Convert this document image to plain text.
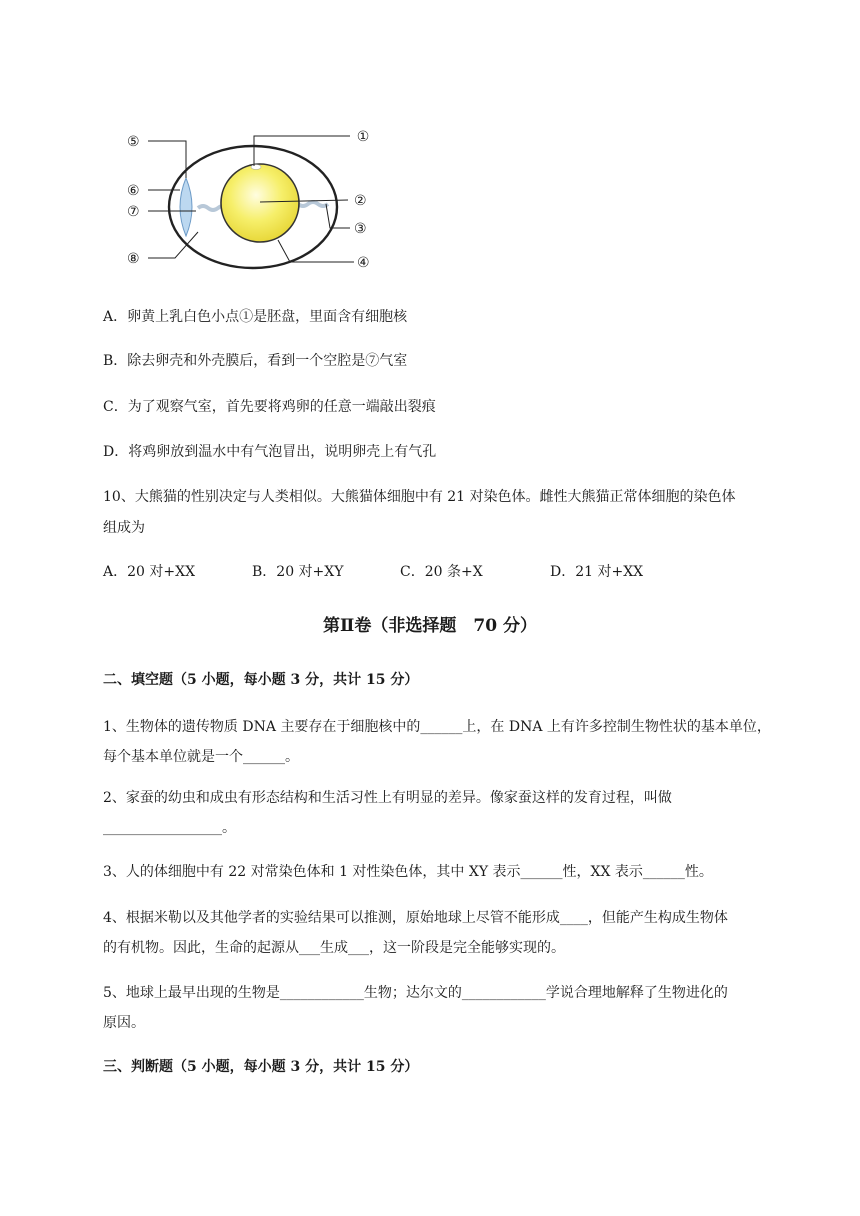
①
②
③
④
⑤
⑥
⑦
⑧
A．卵黄上乳白色小点①是胚盘，里面含有细胞核
B．除去卵壳和外壳膜后，看到一个空腔是⑦气室
C．为了观察气室，首先要将鸡卵的任意一端敲出裂痕
D．将鸡卵放到温水中有气泡冒出，说明卵壳上有气孔
10、大熊猫的性别决定与人类相似。大熊猫体细胞中有 21 对染色体。雌性大熊猫正常体细胞的染色体
组成为
A．20 对+XX	B．20 对+XY	C．20 条+X	D．21 对+XX
第Ⅱ卷（非选择题　70 分）
二、填空题（5 小题，每小题 3 分，共计 15 分）
1、生物体的遗传物质 DNA 主要存在于细胞核中的______上，在 DNA 上有许多控制生物性状的基本单位，
每个基本单位就是一个______。
2、家蚕的幼虫和成虫有形态结构和生活习性上有明显的差异。像家蚕这样的发育过程，叫做
_________________。
3、人的体细胞中有 22 对常染色体和 1 对性染色体，其中 XY 表示______性，XX 表示______性。
4、根据米勒以及其他学者的实验结果可以推测，原始地球上尽管不能形成____，但能产生构成生物体
的有机物。因此，生命的起源从___生成___，这一阶段是完全能够实现的。
5、地球上最早出现的生物是____________生物；达尔文的____________学说合理地解释了生物进化的
原因。
三、判断题（5 小题，每小题 3 分，共计 15 分）
